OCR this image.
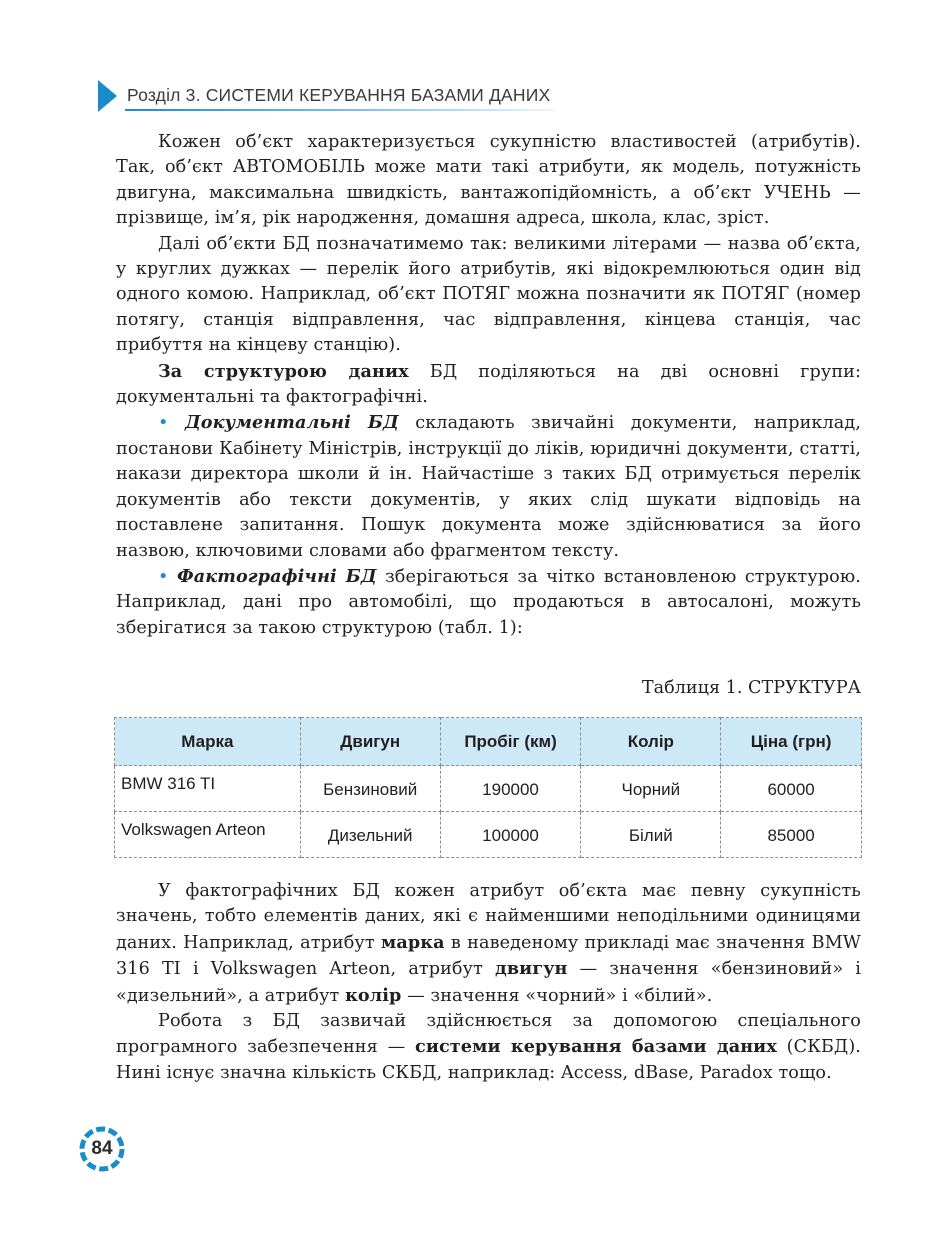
Розділ 3. СИСТЕМИ КЕРУВАННЯ БАЗАМИ ДАНИХ

Кожен об’єкт характеризується сукупністю властивостей (атрибутів). Так, об’єкт АВТОМОБІЛЬ може мати такі атрибути, як модель, потужність двигуна, максимальна швидкість, вантажопідйомність, а об’єкт УЧЕНЬ — прізвище, ім’я, рік народження, домашня адреса, школа, клас, зріст.

Далі об’єкти БД позначатимемо так: великими літерами — назва об’єкта, у круглих дужках — перелік його атрибутів, які відокремлюються один від одного комою. Наприклад, об’єкт ПОТЯГ можна позначити як ПОТЯГ (номер потягу, станція відправлення, час відправлення, кінцева станція, час прибуття на кінцеву станцію).

За структурою даних БД поділяються на дві основні групи: документальні та фактографічні.

• Документальні БД складають звичайні документи, наприклад, постанови Кабінету Міністрів, інструкції до ліків, юридичні документи, статті, накази директора школи й ін. Найчастіше з таких БД отримується перелік документів або тексти документів, у яких слід шукати відповідь на поставлене запитання. Пошук документа може здійснюватися за його назвою, ключовими словами або фрагментом тексту.

• Фактографічні БД зберігаються за чітко встановленою структурою. Наприклад, дані про автомобілі, що продаються в автосалоні, можуть зберігатися за такою структурою (табл. 1):

Таблиця 1. СТРУКТУРА
Марка	Двигун	Пробіг (км)	Колір	Ціна (грн)
BMW 316 TI	Бензиновий	190000	Чорний	60000
Volkswagen Arteon	Дизельний	100000	Білий	85000

У фактографічних БД кожен атрибут об’єкта має певну сукупність значень, тобто елементів даних, які є найменшими неподільними одиницями даних. Наприклад, атрибут марка в наведеному прикладі має значення BMW 316 TI і Volkswagen Arteon, атрибут двигун — значення «бензиновий» і «дизельний», а атрибут колір — значення «чорний» і «білий».

Робота з БД зазвичай здійснюється за допомогою спеціального програмного забезпечення — системи керування базами даних (СКБД). Нині існує значна кількість СКБД, наприклад: Access, dBase, Paradox тощо.

84
